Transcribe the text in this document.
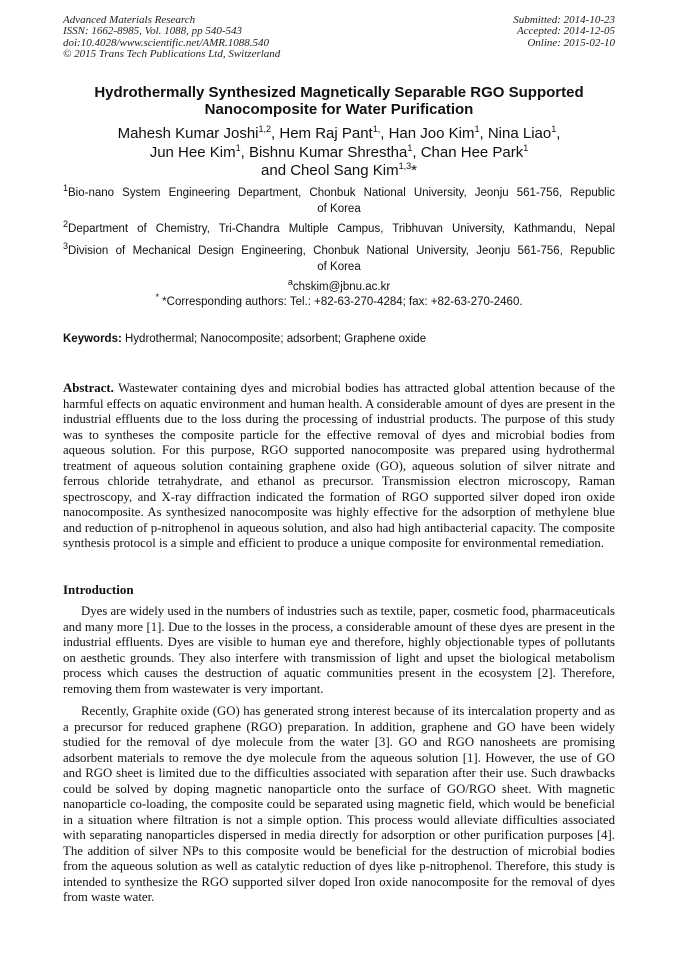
Advanced Materials Research
ISSN: 1662-8985, Vol. 1088, pp 540-543
doi:10.4028/www.scientific.net/AMR.1088.540
© 2015 Trans Tech Publications Ltd, Switzerland
Submitted: 2014-10-23
Accepted: 2014-12-05
Online: 2015-02-10
Hydrothermally Synthesized Magnetically Separable RGO Supported
Nanocomposite for Water Purification
Mahesh Kumar Joshi$^{1,2}$, Hem Raj Pant$^{1,}$, Han Joo Kim$^1$, Nina Liao$^1$,
Jun Hee Kim$^1$, Bishnu Kumar Shrestha$^1$, Chan Hee Park$^1$
and Cheol Sang Kim$^{1,3}$*
$^1$Bio-nano System Engineering Department, Chonbuk National University, Jeonju 561-756, Republic
of Korea
$^2$Department of Chemistry, Tri-Chandra Multiple Campus, Tribhuvan University, Kathmandu, Nepal
$^3$Division of Mechanical Design Engineering, Chonbuk National University, Jeonju 561-756, Republic
of Korea
$^a$chskim@jbnu.ac.kr
* *Corresponding authors: Tel.: +82-63-270-4284; fax: +82-63-270-2460.
Keywords: Hydrothermal; Nanocomposite; adsorbent; Graphene oxide
Abstract. Wastewater containing dyes and microbial bodies has attracted global attention because of the harmful effects on aquatic environment and human health. A considerable amount of dyes are present in the industrial effluents due to the loss during the processing of industrial products. The purpose of this study was to syntheses the composite particle for the effective removal of dyes and microbial bodies from aqueous solution. For this purpose, RGO supported nanocomposite was prepared using hydrothermal treatment of aqueous solution containing graphene oxide (GO), aqueous solution of silver nitrate and ferrous chloride tetrahydrate, and ethanol as precursor. Transmission electron microscopy, Raman spectroscopy, and X-ray diffraction indicated the formation of RGO supported silver doped iron oxide nanocomposite. As synthesized nanocomposite was highly effective for the adsorption of methylene blue and reduction of p-nitrophenol in aqueous solution, and also had high antibacterial capacity. The composite synthesis protocol is a simple and efficient to produce a unique composite for environmental remediation.
Introduction
Dyes are widely used in the numbers of industries such as textile, paper, cosmetic food, pharmaceuticals and many more [1]. Due to the losses in the process, a considerable amount of these dyes are present in the industrial effluents. Dyes are visible to human eye and therefore, highly objectionable types of pollutants on aesthetic grounds. They also interfere with transmission of light and upset the biological metabolism process which causes the destruction of aquatic communities present in the ecosystem [2]. Therefore, removing them from wastewater is very important.
Recently, Graphite oxide (GO) has generated strong interest because of its intercalation property and as a precursor for reduced graphene (RGO) preparation. In addition, graphene and GO have been widely studied for the removal of dye molecule from the water [3]. GO and RGO nanosheets are promising adsorbent materials to remove the dye molecule from the aqueous solution [1]. However, the use of GO and RGO sheet is limited due to the difficulties associated with separation after their use. Such drawbacks could be solved by doping magnetic nanoparticle onto the surface of GO/RGO sheet. With magnetic nanoparticle co-loading, the composite could be separated using magnetic field, which would be beneficial in a situation where filtration is not a simple option. This process would alleviate difficulties associated with separating nanoparticles dispersed in media directly for adsorption or other purification purposes [4]. The addition of silver NPs to this composite would be beneficial for the destruction of microbial bodies from the aqueous solution as well as catalytic reduction of dyes like p-nitrophenol. Therefore, this study is intended to synthesize the RGO supported silver doped Iron oxide nanocomposite for the removal of dyes from waste water.
